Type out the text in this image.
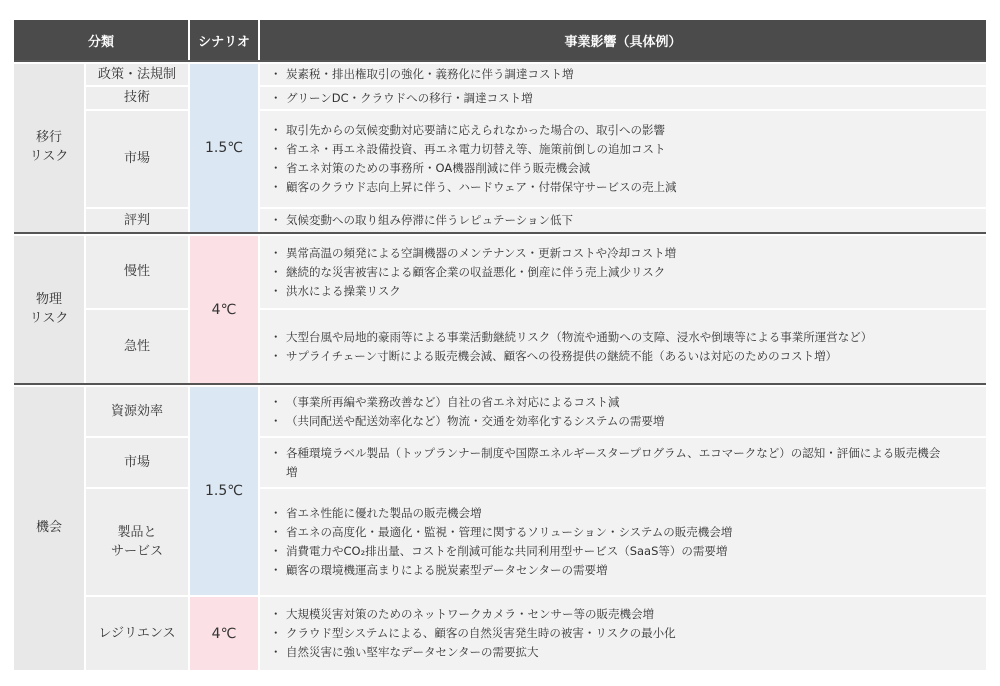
分類	シナリオ	事業影響（具体例）
移行
リスク
政策・法規制
技術
市場
評判
1.5℃
・ 炭素税・排出権取引の強化・義務化に伴う調達コスト増
・ グリーンDC・クラウドへの移行・調達コスト増
・ 取引先からの気候変動対応要請に応えられなかった場合の、取引への影響
・ 省エネ・再エネ設備投資、再エネ電力切替え等、施策前倒しの追加コスト
・ 省エネ対策のための事務所・OA機器削減に伴う販売機会減
・ 顧客のクラウド志向上昇に伴う、ハードウェア・付帯保守サービスの売上減
・ 気候変動への取り組み停滞に伴うレピュテーション低下
物理
リスク
慢性
急性
4℃
・ 異常高温の頻発による空調機器のメンテナンス・更新コストや冷却コスト増
・ 継続的な災害被害による顧客企業の収益悪化・倒産に伴う売上減少リスク
・ 洪水による操業リスク
・ 大型台風や局地的豪雨等による事業活動継続リスク（物流や通勤への支障、浸水や倒壊等による事業所運営など）
・ サプライチェーン寸断による販売機会減、顧客への役務提供の継続不能（あるいは対応のためのコスト増）
機会
資源効率
市場
製品と
サービス
レジリエンス
1.5℃
4℃
・ （事業所再編や業務改善など）自社の省エネ対応によるコスト減
・ （共同配送や配送効率化など）物流・交通を効率化するシステムの需要増
・ 各種環境ラベル製品（トップランナー制度や国際エネルギースタープログラム、エコマークなど）の認知・評価による販売機会増
・ 省エネ性能に優れた製品の販売機会増
・ 省エネの高度化・最適化・監視・管理に関するソリューション・システムの販売機会増
・ 消費電力やCO₂排出量、コストを削減可能な共同利用型サービス（SaaS等）の需要増
・ 顧客の環境機運高まりによる脱炭素型データセンターの需要増
・ 大規模災害対策のためのネットワークカメラ・センサー等の販売機会増
・ クラウド型システムによる、顧客の自然災害発生時の被害・リスクの最小化
・ 自然災害に強い堅牢なデータセンターの需要拡大
